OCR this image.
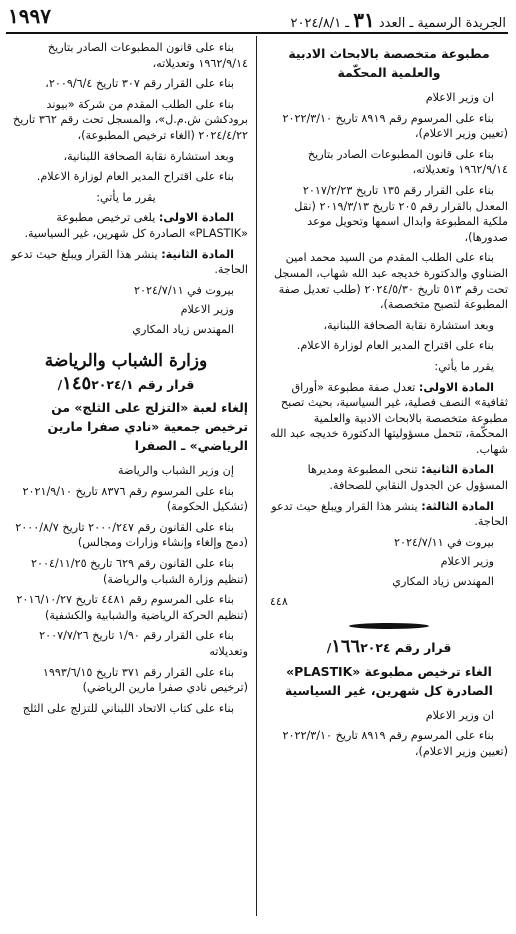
١٩٩٧	الجريدة الرسمية ـ العدد ٣١ ـ ٢٠٢٤/٨/١
مطبوعة متخصصة بالابحاث الادبية والعلمية المحكّمة

ان وزير الاعلام

بناء على المرسوم رقم ٨٩١٩ تاريخ ٢٠٢٢/٣/١٠ (تعيين وزير الاعلام)،

بناء على قانون المطبوعات الصادر بتاريخ ١٩٦٢/٩/١٤ وتعديلاته،

بناء على القرار رقم ١٣٥ تاريخ ٢٠١٧/٢/٢٣ المعدل بالقرار رقم ٢٠٥ تاريخ ٢٠١٩/٣/١٣ (نقل ملكية المطبوعة وابدال اسمها وتحويل موعد صدورها)،

بناء على الطلب المقدم من السيد محمد امين الضناوي والدكتورة خديجه عبد الله شهاب، المسجل تحت رقم ٥١٣ تاريخ ٢٠٢٤/٥/٣٠ (طلب تعديل صفة المطبوعة لتصبح متخصصة)،

وبعد استشارة نقابة الصحافة اللبنانية،

بناء على اقتراح المدير العام لوزارة الاعلام.

يقرر ما يأتي:

المادة الاولى: تعدل صفة مطبوعة «أوراق ثقافية» النصف فصلية، غير السياسية، بحيث تصبح مطبوعة متخصصة بالابحاث الادبية والعلمية المحكّمة، تتحمل مسؤوليتها الدكتورة خديجه عبد الله شهاب.

المادة الثانية: تنحى المطبوعة ومديرها المسؤول عن الجدول النقابي للصحافة.

المادة الثالثة: ينشر هذا القرار ويبلغ حيث تدعو الحاجة.

بيروت في ٢٠٢٤/٧/١١

وزير الاعلام

المهندس زياد المكاري

٤٤٨

قرار رقم ١٦٦٢٠٢٤/
الغاء ترخيص مطبوعة «PLASTIK» الصادرة كل شهرين، غير السياسية

ان وزير الاعلام

بناء على المرسوم رقم ٨٩١٩ تاريخ ٢٠٢٢/٣/١٠ (تعيين وزير الاعلام)،

بناء على قانون المطبوعات الصادر بتاريخ ١٩٦٢/٩/١٤ وتعديلاته،

بناء على القرار رقم ٣٠٧ تاريخ ٢٠٠٩/٦/٤،

بناء على الطلب المقدم من شركة «بيوند برودكشن ش.م.ل»، والمسجل تحت رقم ٣٦٢ تاريخ ٢٠٢٤/٤/٢٢ (الغاء ترخيص المطبوعة)،

وبعد استشارة نقابة الصحافة اللبنانية،

بناء على اقتراح المدير العام لوزارة الاعلام.

يقرر ما يأتي:

المادة الاولى: يلغى ترخيص مطبوعة «PLASTIK» الصادرة كل شهرين، غير السياسية.

المادة الثانية: ينشر هذا القرار ويبلغ حيث تدعو الحاجة.

بيروت في ٢٠٢٤/٧/١١

وزير الاعلام

المهندس زياد المكاري

وزارة الشباب والرياضة
قرار رقم ١٤٥٢٠٢٤/١/
إلغاء لعبة «التزلج على الثلج» من ترخيص جمعية «نادي صفرا مارين الرياضي» ـ الصفرا

إن وزير الشباب والرياضة

بناء على المرسوم رقم ٨٣٧٦ تاريخ ٢٠٢١/٩/١٠ (تشكيل الحكومة)

بناء على القانون رقم ٢٠٠٠/٢٤٧ تاريخ ٢٠٠٠/٨/٧ (دمج وإلغاء وإنشاء وزارات ومجالس)

بناء على القانون رقم ٦٢٩ تاريخ ٢٠٠٤/١١/٢٥ (تنظيم وزارة الشباب والرياضة)

بناء على المرسوم رقم ٤٤٨١ تاريخ ٢٠١٦/١٠/٢٧ (تنظيم الحركة الرياضية والشبابية والكشفية)

بناء على القرار رقم ١/٩٠ تاريخ ٢٠٠٧/٧/٢٦ وتعديلاته

بناء على القرار رقم ٣٧١ تاريخ ١٩٩٣/٦/١٥ (ترخيص نادي صفرا مارين الرياضي)

بناء على كتاب الاتحاد اللبناني للتزلج على الثلج
